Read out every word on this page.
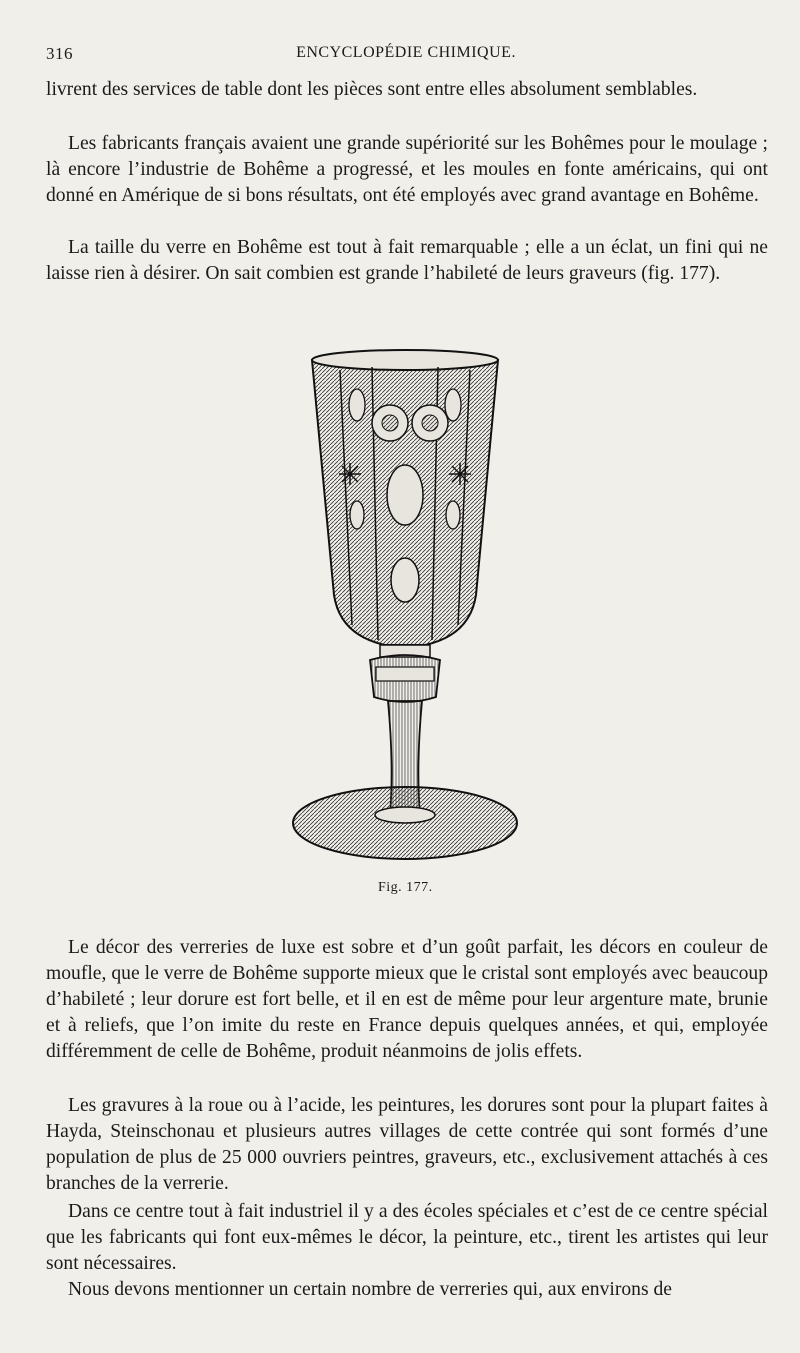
316	ENCYCLOPÉDIE CHIMIQUE.

livrent des services de table dont les pièces sont entre elles absolument semblables.

Les fabricants français avaient une grande supériorité sur les Bohêmes pour le moulage ; là encore l’industrie de Bohême a progressé, et les moules en fonte américains, qui ont donné en Amérique de si bons résultats, ont été employés avec grand avantage en Bohême.

La taille du verre en Bohême est tout à fait remarquable ; elle a un éclat, un fini qui ne laisse rien à désirer. On sait combien est grande l’habileté de leurs graveurs (fig. 177).

Fig. 177.

Le décor des verreries de luxe est sobre et d’un goût parfait, les décors en couleur de moufle, que le verre de Bohême supporte mieux que le cristal sont employés avec beaucoup d’habileté ; leur dorure est fort belle, et il en est de même pour leur argenture mate, brunie et à reliefs, que l’on imite du reste en France depuis quelques années, et qui, employée différemment de celle de Bohême, produit néanmoins de jolis effets.

Les gravures à la roue ou à l’acide, les peintures, les dorures sont pour la plupart faites à Hayda, Steinschonau et plusieurs autres villages de cette contrée qui sont formés d’une population de plus de 25 000 ouvriers peintres, graveurs, etc., exclusivement attachés à ces branches de la verrerie.

Dans ce centre tout à fait industriel il y a des écoles spéciales et c’est de ce centre spécial que les fabricants qui font eux-mêmes le décor, la peinture, etc., tirent les artistes qui leur sont nécessaires.

Nous devons mentionner un certain nombre de verreries qui, aux environs de
